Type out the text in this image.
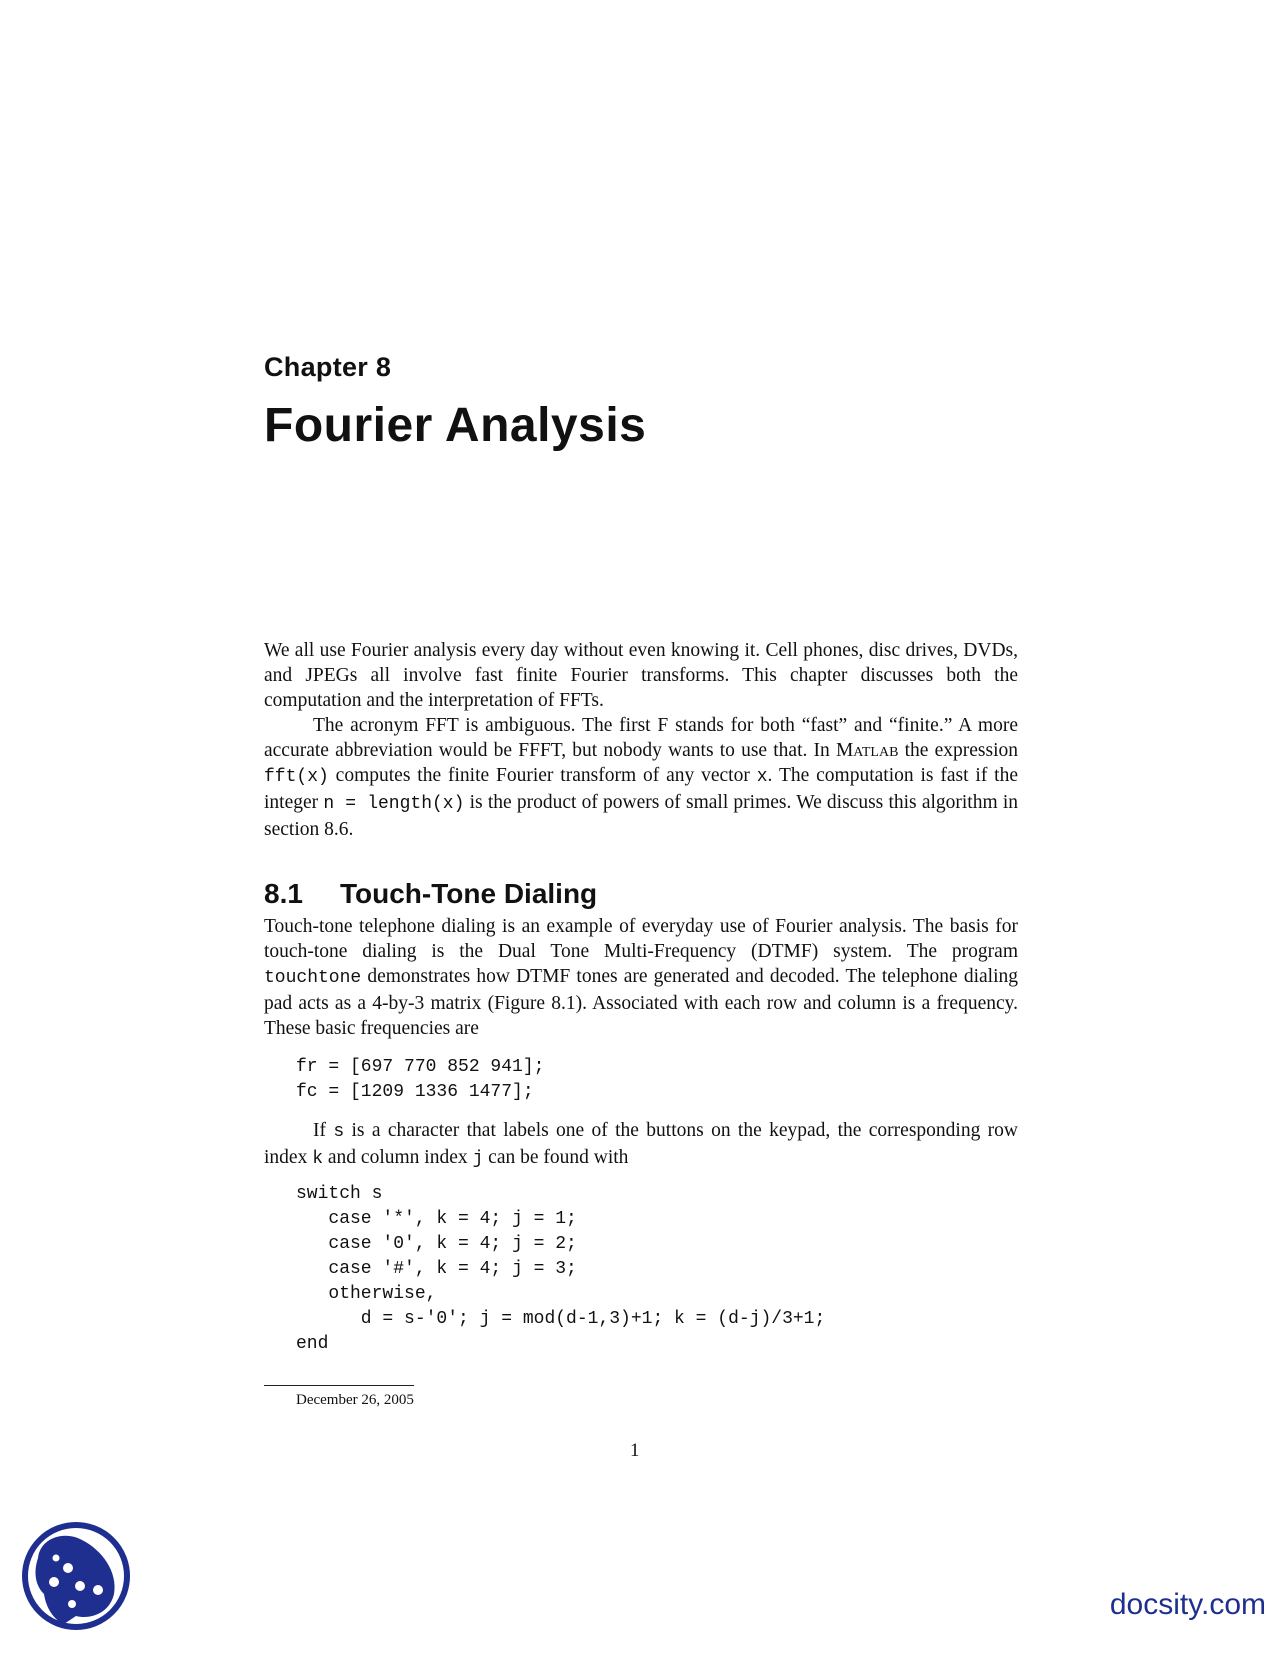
Chapter 8
Fourier Analysis

We all use Fourier analysis every day without even knowing it. Cell phones, disc drives, DVDs, and JPEGs all involve fast finite Fourier transforms. This chapter discusses both the computation and the interpretation of FFTs.

The acronym FFT is ambiguous. The first F stands for both “fast” and “finite.” A more accurate abbreviation would be FFFT, but nobody wants to use that. In Matlab the expression fft(x) computes the finite Fourier transform of any vector x. The computation is fast if the integer n = length(x) is the product of powers of small primes. We discuss this algorithm in section 8.6.

8.1 Touch-Tone Dialing

Touch-tone telephone dialing is an example of everyday use of Fourier analysis. The basis for touch-tone dialing is the Dual Tone Multi-Frequency (DTMF) system. The program touchtone demonstrates how DTMF tones are generated and decoded. The telephone dialing pad acts as a 4-by-3 matrix (Figure 8.1). Associated with each row and column is a frequency. These basic frequencies are

fr = [697 770 852 941];
fc = [1209 1336 1477];

If s is a character that labels one of the buttons on the keypad, the corresponding row index k and column index j can be found with

switch s
case '*', k = 4; j = 1;
case '0', k = 4; j = 2;
case '#', k = 4; j = 3;
otherwise,
d = s-'0'; j = mod(d-1,3)+1; k = (d-j)/3+1;
end

December 26, 2005

1

docsity.com
